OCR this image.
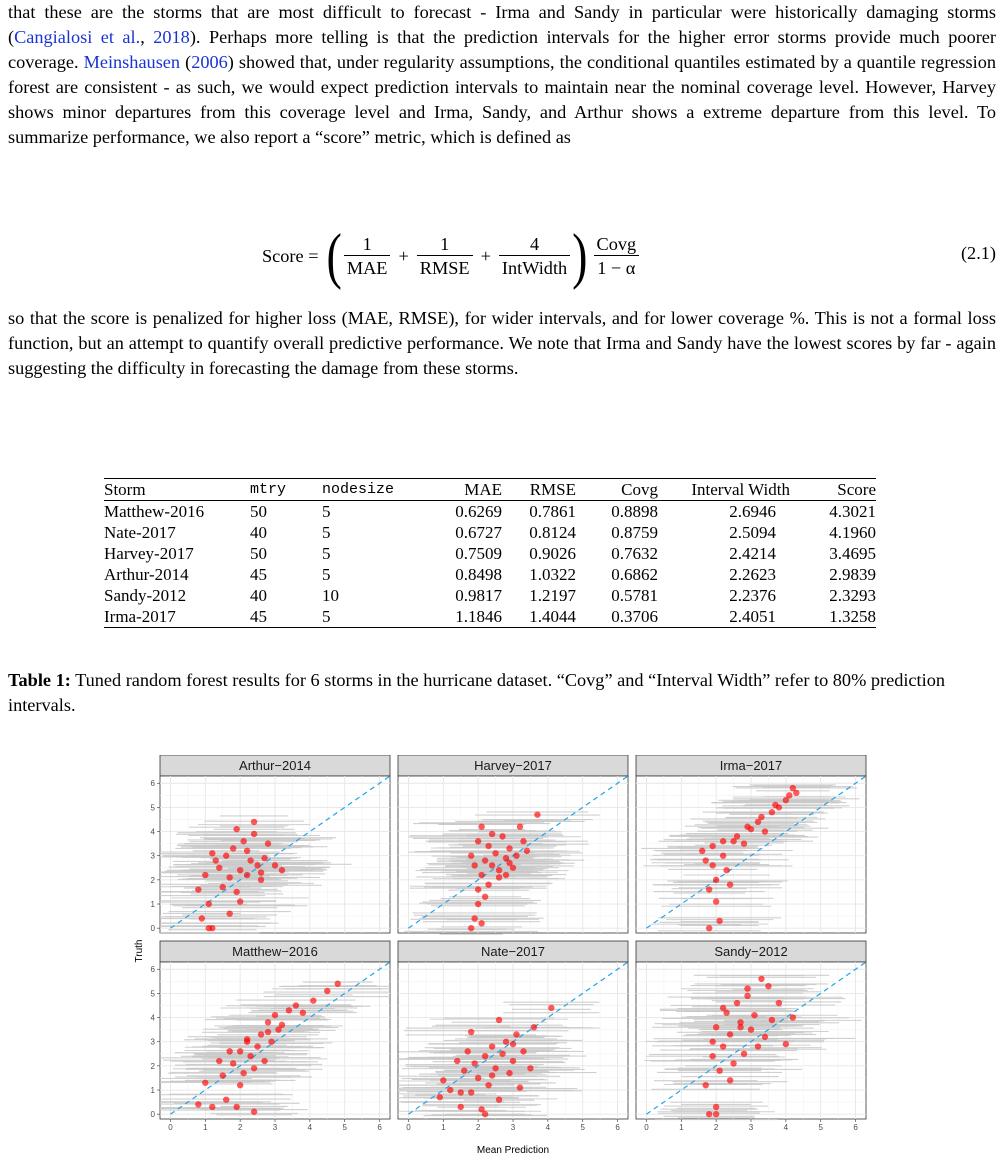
that these are the storms that are most difficult to forecast - Irma and Sandy in particular were historically damaging storms (Cangialosi et al., 2018). Perhaps more telling is that the prediction intervals for the higher error storms provide much poorer coverage. Meinshausen (2006) showed that, under regularity assumptions, the conditional quantiles estimated by a quantile regression forest are consistent - as such, we would expect prediction intervals to maintain near the nominal coverage level. However, Harvey shows minor departures from this coverage level and Irma, Sandy, and Arthur shows a extreme departure from this level. To summarize performance, we also report a “score” metric, which is defined as

Score = ( $\frac{1}{\text{MAE}} + \frac{1}{\text{RMSE}} + \frac{4}{\text{IntWidth}}$ ) $\frac{\text{Covg}}{1 - \alpha}$	(2.1)

so that the score is penalized for higher loss (MAE, RMSE), for wider intervals, and for lower coverage %. This is not a formal loss function, but an attempt to quantify overall predictive performance. We note that Irma and Sandy have the lowest scores by far - again suggesting the difficulty in forecasting the damage from these storms.

Storm	mtry	nodesize	MAE	RMSE	Covg	Interval Width	Score
Matthew-2016	50	5	0.6269	0.7861	0.8898	2.6946	4.3021
Nate-2017	40	5	0.6727	0.8124	0.8759	2.5094	4.1960
Harvey-2017	50	5	0.7509	0.9026	0.7632	2.4214	3.4695
Arthur-2014	45	5	0.8498	1.0322	0.6862	2.2623	2.9839
Sandy-2012	40	10	0.9817	1.2197	0.5781	2.2376	2.3293
Irma-2017	45	5	1.1846	1.4044	0.3706	2.4051	1.3258

Table 1: Tuned random forest results for 6 storms in the hurricane dataset. “Covg” and “Interval Width” refer to 80% prediction intervals.

Arthur−2014
0
1
2
3
4
5
6
Harvey−2017	Irma−2017
Matthew−2016
0
1
2
3
4
5
6
0	1	2	3	4	5	6
Nate−2017
0	1	2	3	4	5	6
Sandy−2012
0	1	2	3	4	5	6
Mean Prediction
Truth
